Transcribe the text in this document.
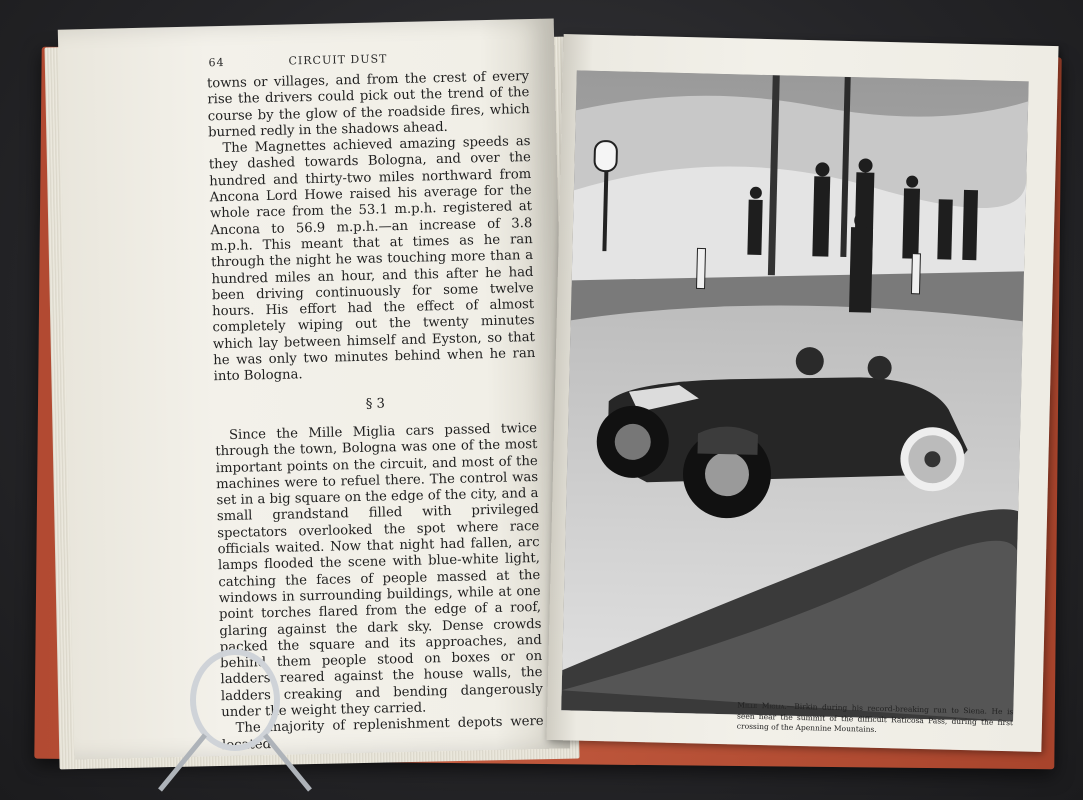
64	CIRCUIT DUST

towns or villages, and from the crest of every rise the drivers could pick out the trend of the course by the glow of the roadside fires, which burned redly in the shadows ahead.

The Magnettes achieved amazing speeds as they dashed towards Bologna, and over the hundred and thirty-two miles northward from Ancona Lord Howe raised his average for the whole race from the 53.1 m.p.h. registered at Ancona to 56.9 m.p.h.—an increase of 3.8 m.p.h. This meant that at times as he ran through the night he was touching more than a hundred miles an hour, and this after he had been driving continuously for some twelve hours. His effort had the effect of almost completely wiping out the twenty minutes which lay between himself and Eyston, so that he was only two minutes behind when he ran into Bologna.

§ 3

Since the Mille Miglia cars passed twice through the town, Bologna was one of the most important points on the circuit, and most of the machines were to refuel there. The control was set in a big square on the edge of the city, and a small grandstand filled with privileged spectators overlooked the spot where race officials waited. Now that night had fallen, arc lamps flooded the scene with blue-white light, catching the faces of people massed at the windows in surrounding buildings, while at one point torches flared from the edge of a roof, glaring against the dark sky. Dense crowds packed the square and its approaches, and behind them people stood on boxes or on ladders reared against the house walls, the ladders creaking and bending dangerously under the weight they carried.

The majority of replenishment depots were located

Mille Miglia.—Birkin during his record-breaking run to Siena. He is seen near the summit of the difficult Raticosa Pass, during the first crossing of the Apennine Mountains.
